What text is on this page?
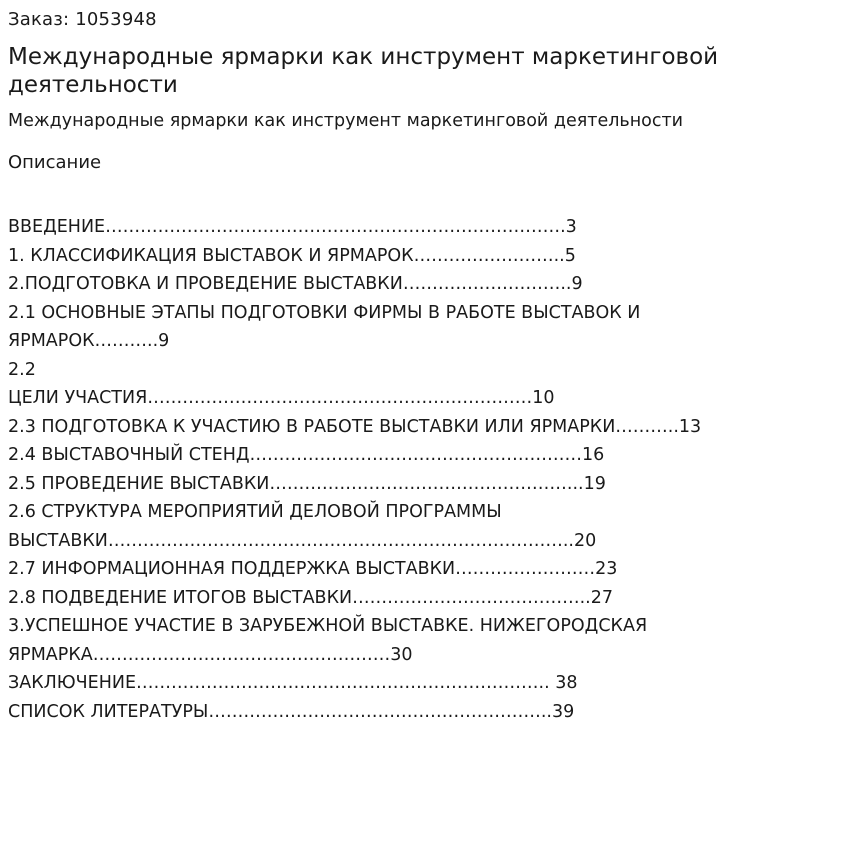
Заказ: 1053948

Международные ярмарки как инструмент маркетинговой деятельности

Международные ярмарки как инструмент маркетинговой деятельности

Описание
ВВЕДЕНИЕ…………………………………………………………………….3
1. КЛАССИФИКАЦИЯ ВЫСТАВОК И ЯРМАРОК……………………..5
2.ПОДГОТОВКА И ПРОВЕДЕНИЕ ВЫСТАВКИ………………………..9
2.1 ОСНОВНЫЕ ЭТАПЫ ПОДГОТОВКИ ФИРМЫ В РАБОТЕ ВЫСТАВОК И
ЯРМАРОК………..9
2.2
ЦЕЛИ УЧАСТИЯ…………………………………………………………10
2.3 ПОДГОТОВКА К УЧАСТИЮ В РАБОТЕ ВЫСТАВКИ ИЛИ ЯРМАРКИ………..13
2.4 ВЫСТАВОЧНЫЙ СТЕНД…………………………………………………16
2.5 ПРОВЕДЕНИЕ ВЫСТАВКИ……………………………………………...19
2.6 СТРУКТУРА МЕРОПРИЯТИЙ ДЕЛОВОЙ ПРОГРАММЫ
ВЫСТАВКИ……………………………………………………………………..20
2.7 ИНФОРМАЦИОННАЯ ПОДДЕРЖКА ВЫСТАВКИ……………………23
2.8 ПОДВЕДЕНИЕ ИТОГОВ ВЫСТАВКИ…………………………………..27
3.УСПЕШНОЕ УЧАСТИЕ В ЗАРУБЕЖНОЙ ВЫСТАВКЕ. НИЖЕГОРОДСКАЯ
ЯРМАРКА……………………………………………30
ЗАКЛЮЧЕНИЕ…………………………………………………………….. 38
СПИСОК ЛИТЕРАТУРЫ…………………………………………………..39
